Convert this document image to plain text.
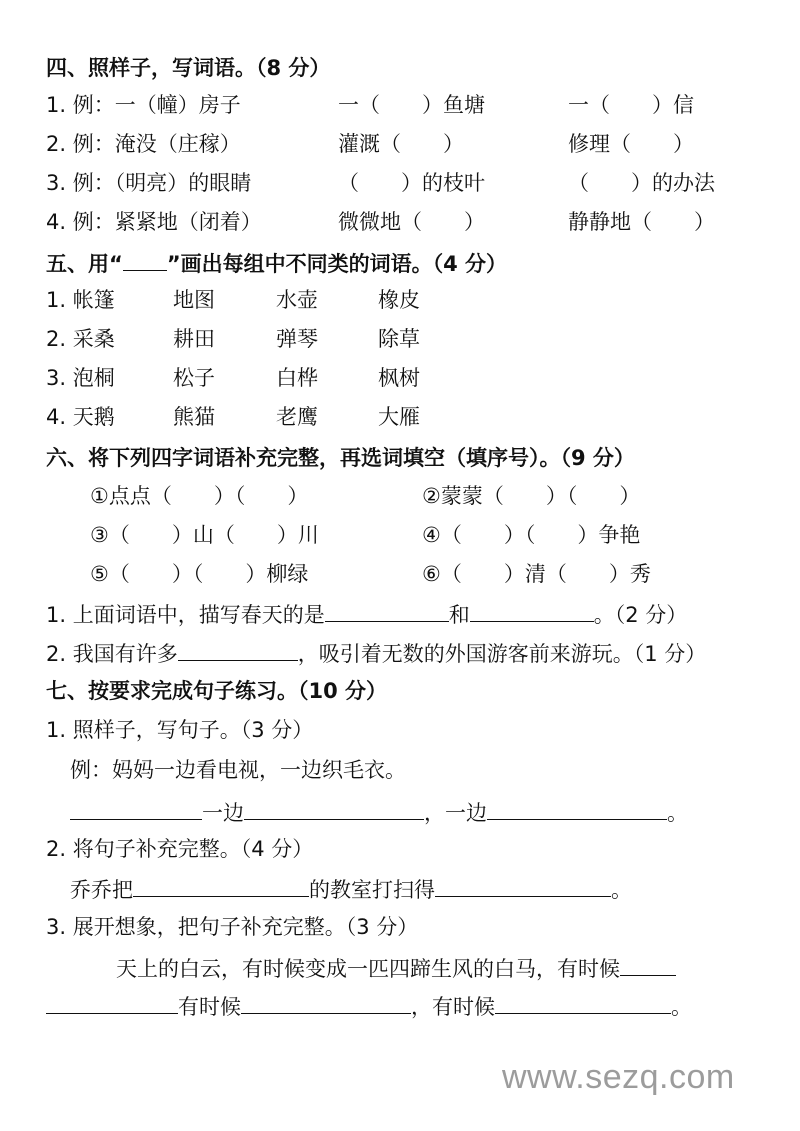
四、照样子，写词语。（8 分）
1. 例：一（幢）房子	一（　　）鱼塘	一（　　）信
2. 例：淹没（庄稼）	灌溉（　　）	修理（　　）
3. 例：（明亮）的眼睛	（　　）的枝叶	（　　）的办法
4. 例：紧紧地（闭着）	微微地（　　）	静静地（　　）
五、用“ ”画出每组中不同类的词语。（4 分）
1. 帐篷	地图	水壶	橡皮
2. 采桑	耕田	弹琴	除草
3. 泡桐	松子	白桦	枫树
4. 天鹅	熊猫	老鹰	大雁
六、将下列四字词语补充完整，再选词填空（填序号）。（9 分）
①点点（　　）（　　）	②蒙蒙（　　）（　　）
③（　　）山（　　）川	④（　　）（　　）争艳
⑤（　　）（　　）柳绿	⑥（　　）清（　　）秀
1. 上面词语中，描写春天的是	和	。（2 分）
2. 我国有许多	，吸引着无数的外国游客前来游玩。（1 分）
七、按要求完成句子练习。（10 分）
1. 照样子，写句子。（3 分）
例：妈妈一边看电视，一边织毛衣。
一边	，一边	。
2. 将句子补充完整。（4 分）
乔乔把	的教室打扫得	。
3. 展开想象，把句子补充完整。（3 分）
天上的白云，有时候变成一匹四蹄生风的白马，有时候
有时候	，有时候	。
www.sezq.com
